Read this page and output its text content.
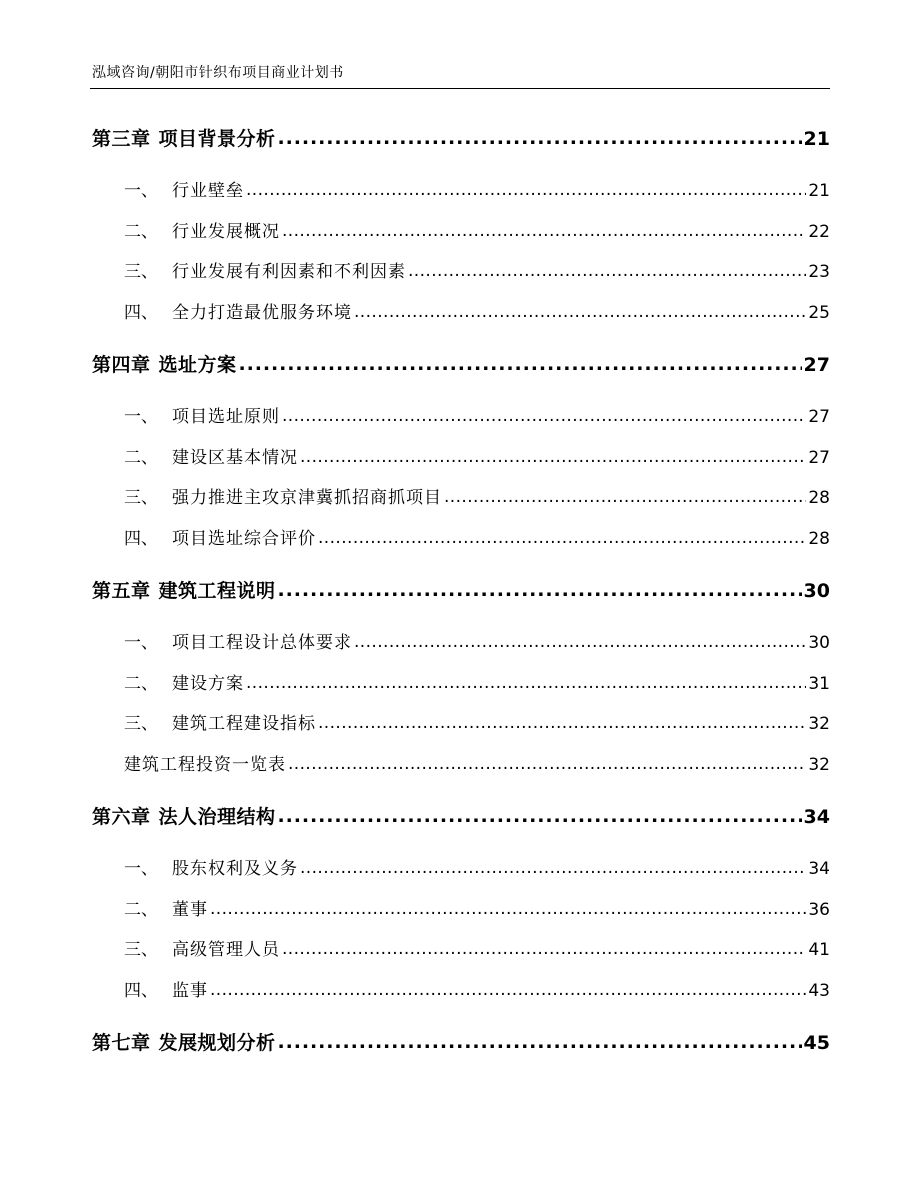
泓域咨询/朝阳市针织布项目商业计划书
第三章 项目背景分析 .....	21
一、 行业壁垒 .....	21
二、 行业发展概况 .....	22
三、 行业发展有利因素和不利因素 .....	23
四、 全力打造最优服务环境 .....	25
第四章 选址方案 .....	27
一、 项目选址原则 .....	27
二、 建设区基本情况 .....	27
三、 强力推进主攻京津冀抓招商抓项目 .....	28
四、 项目选址综合评价 .....	28
第五章 建筑工程说明 .....	30
一、 项目工程设计总体要求 .....	30
二、 建设方案 .....	31
三、 建筑工程建设指标 .....	32
建筑工程投资一览表 .....	32
第六章 法人治理结构 .....	34
一、 股东权利及义务 .....	34
二、 董事 .....	36
三、 高级管理人员 .....	41
四、 监事 .....	43
第七章 发展规划分析 .....	45
